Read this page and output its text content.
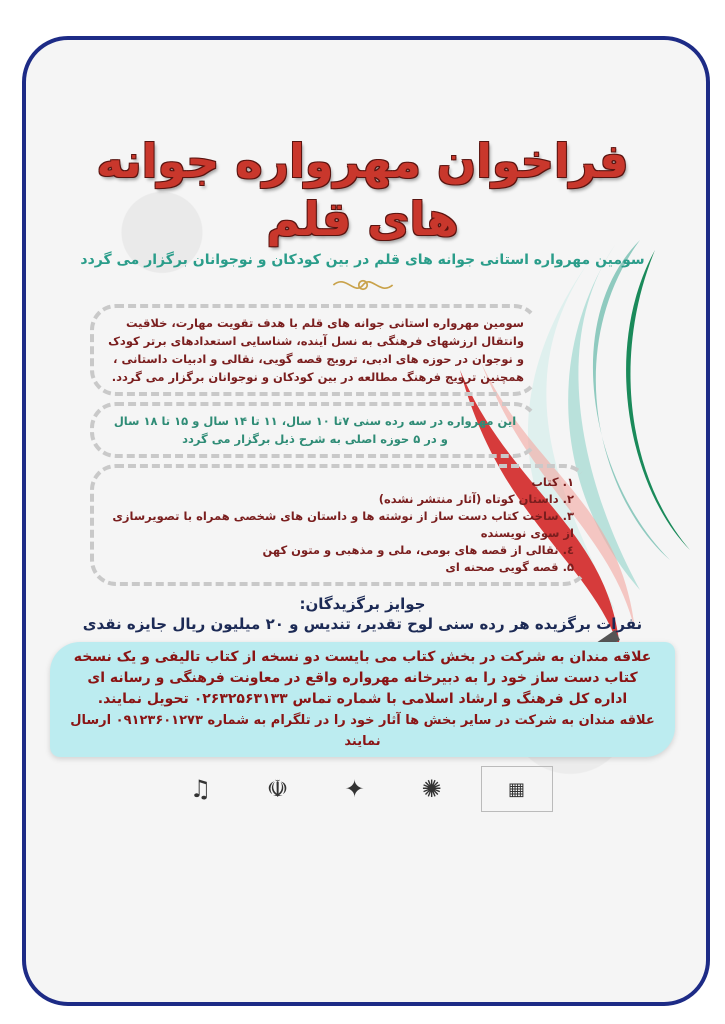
فراخوان مهرواره جوانه های قلم
سومین مهرواره استانی جوانه های قلم در بین کودکان و نوجوانان برگزار می گردد
سومین مهرواره استانی جوانه های قلم با هدف تقویت مهارت، خلاقیت وانتقال ارزشهای فرهنگی به نسل آینده، شناسایی استعدادهای برتر کودک و نوجوان در حوزه های ادبی، ترویج قصه گویی، نقالی و ادبیات داستانی ، همچنین ترویج فرهنگ مطالعه در بین کودکان و نوجوانان برگزار می گردد.
این مهرواره در سه رده سنی ۷تا ۱۰ سال، ۱۱ تا ۱۴ سال و ۱۵ تا ۱۸ سال
و در ۵ حوزه اصلی به شرح ذیل برگزار می گردد
۱. کتاب
۲. داستان کوتاه (آثار منتشر نشده)
۳. ساخت کتاب دست ساز از نوشته ها و داستان های شخصی همراه با تصویرسازی از سوی نویسنده
٤. نقالی از قصه های بومی، ملی و مذهبی و متون کهن
۵. قصه گویی صحنه ای
جوایز برگزیدگان:
نفرات برگزیده هر رده سنی لوح تقدیر، تندیس و ۲۰ میلیون ریال جایزه نقدی

علاقه مندان به شرکت در بخش کتاب می بایست دو نسخه از کتاب تالیفی و یک نسخه

کتاب دست ساز خود را به دبیرخانه مهرواره واقع در معاونت فرهنگی و رسانه ای

اداره کل فرهنگ و ارشاد اسلامی با شماره تماس ۰۲۶۳۲۵۶۳۱۳۳ تحویل نمایند.

علاقه مندان به شرکت در سایر بخش ها آثار خود را در تلگرام به شماره ۰۹۱۲۳۶۰۱۲۷۳ ارسال نمایند

♫	☫	✦	✺	▦
